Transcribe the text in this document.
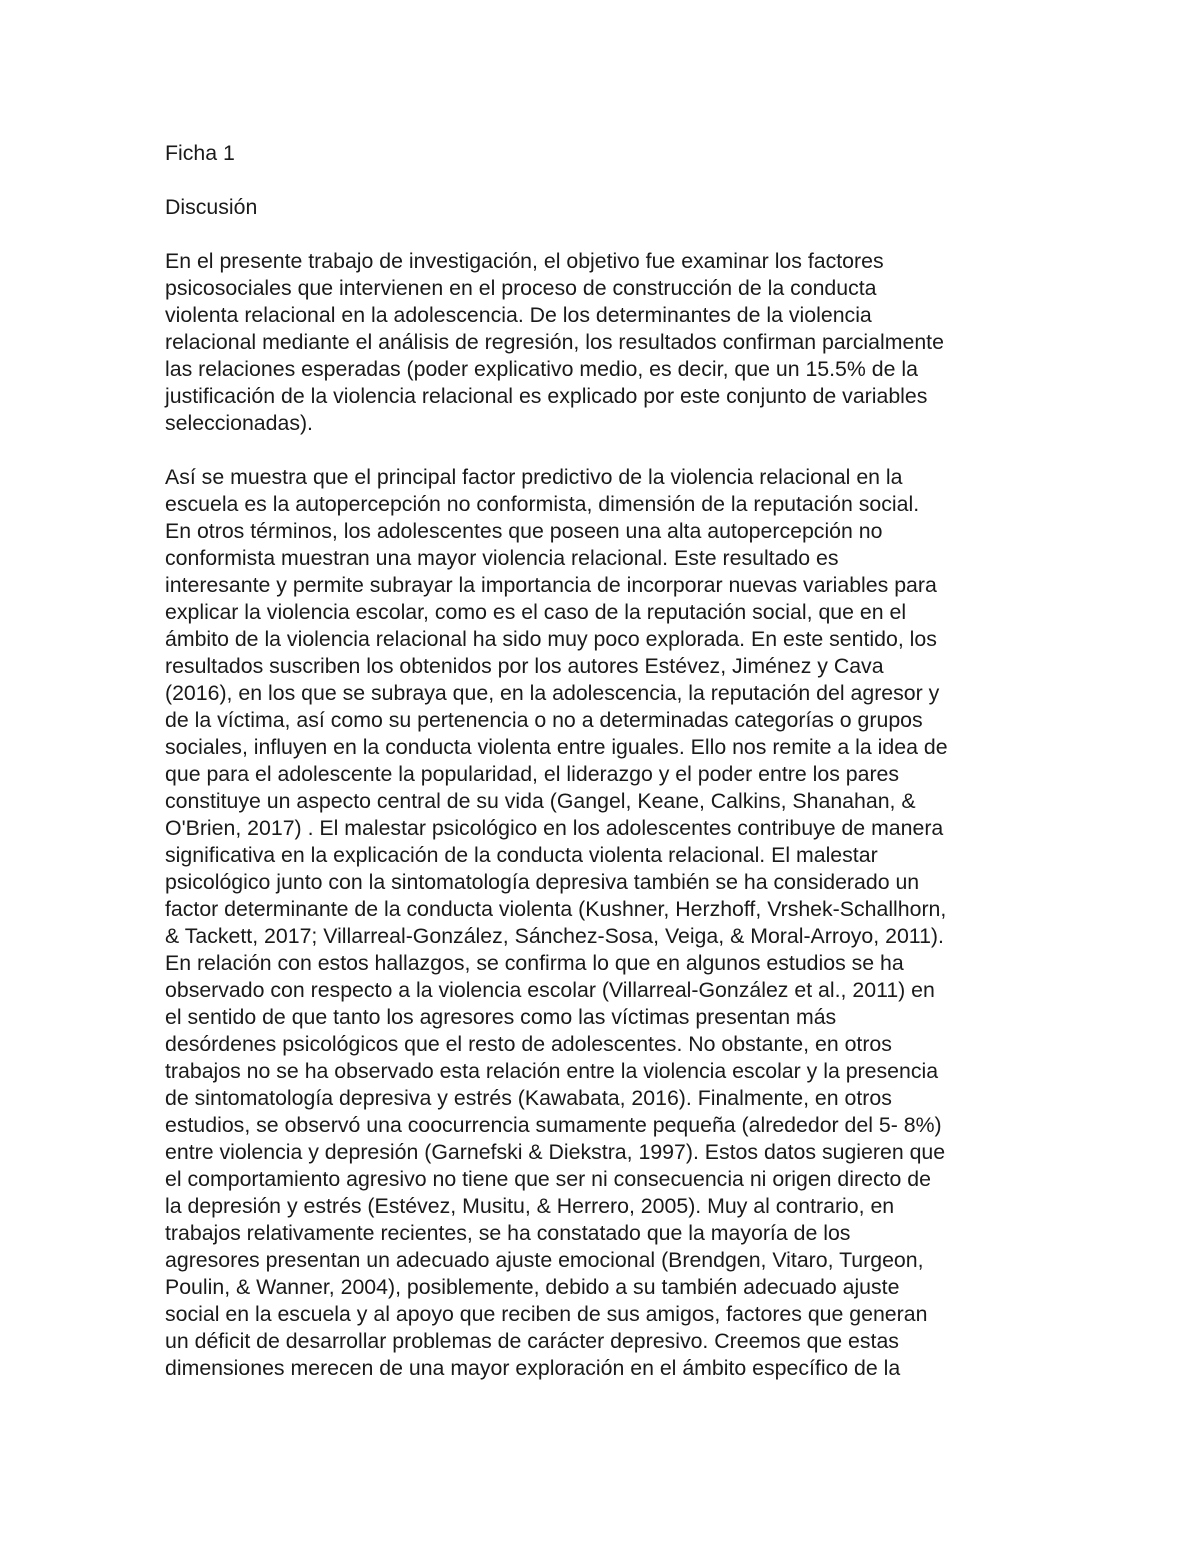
Ficha 1

Discusión

En el presente trabajo de investigación, el objetivo fue examinar los factores

psicosociales que intervienen en el proceso de construcción de la conducta

violenta relacional en la adolescencia. De los determinantes de la violencia

relacional mediante el análisis de regresión, los resultados confirman parcialmente

las relaciones esperadas (poder explicativo medio, es decir, que un 15.5% de la

justificación de la violencia relacional es explicado por este conjunto de variables

seleccionadas).

Así se muestra que el principal factor predictivo de la violencia relacional en la

escuela es la autopercepción no conformista, dimensión de la reputación social.

En otros términos, los adolescentes que poseen una alta autopercepción no

conformista muestran una mayor violencia relacional. Este resultado es

interesante y permite subrayar la importancia de incorporar nuevas variables para

explicar la violencia escolar, como es el caso de la reputación social, que en el

ámbito de la violencia relacional ha sido muy poco explorada. En este sentido, los

resultados suscriben los obtenidos por los autores Estévez, Jiménez y Cava

(2016), en los que se subraya que, en la adolescencia, la reputación del agresor y

de la víctima, así como su pertenencia o no a determinadas categorías o grupos

sociales, influyen en la conducta violenta entre iguales. Ello nos remite a la idea de

que para el adolescente la popularidad, el liderazgo y el poder entre los pares

constituye un aspecto central de su vida (Gangel, Keane, Calkins, Shanahan, &

O'Brien, 2017) . El malestar psicológico en los adolescentes contribuye de manera

significativa en la explicación de la conducta violenta relacional. El malestar

psicológico junto con la sintomatología depresiva también se ha considerado un

factor determinante de la conducta violenta (Kushner, Herzhoff, Vrshek-Schallhorn,

& Tackett, 2017; Villarreal-González, Sánchez-Sosa, Veiga, & Moral-Arroyo, 2011).

En relación con estos hallazgos, se confirma lo que en algunos estudios se ha

observado con respecto a la violencia escolar (Villarreal-González et al., 2011) en

el sentido de que tanto los agresores como las víctimas presentan más

desórdenes psicológicos que el resto de adolescentes. No obstante, en otros

trabajos no se ha observado esta relación entre la violencia escolar y la presencia

de sintomatología depresiva y estrés (Kawabata, 2016). Finalmente, en otros

estudios, se observó una coocurrencia sumamente pequeña (alrededor del 5- 8%)

entre violencia y depresión (Garnefski & Diekstra, 1997). Estos datos sugieren que

el comportamiento agresivo no tiene que ser ni consecuencia ni origen directo de

la depresión y estrés (Estévez, Musitu, & Herrero, 2005). Muy al contrario, en

trabajos relativamente recientes, se ha constatado que la mayoría de los

agresores presentan un adecuado ajuste emocional (Brendgen, Vitaro, Turgeon,

Poulin, & Wanner, 2004), posiblemente, debido a su también adecuado ajuste

social en la escuela y al apoyo que reciben de sus amigos, factores que generan

un déficit de desarrollar problemas de carácter depresivo. Creemos que estas

dimensiones merecen de una mayor exploración en el ámbito específico de la
